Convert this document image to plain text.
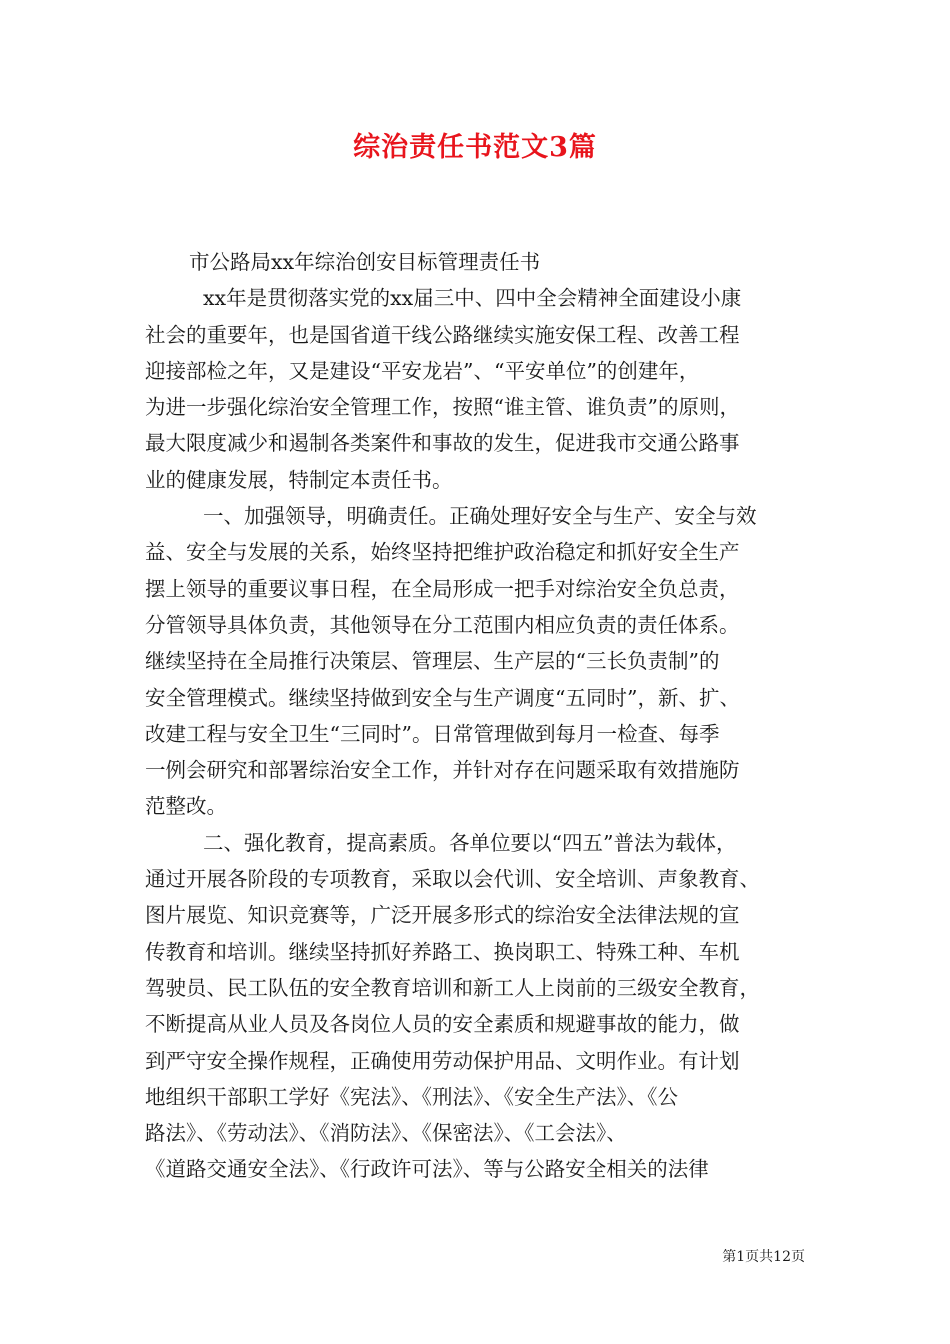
综治责任书范文3篇
市公路局xx年综治创安目标管理责任书
xx年是贯彻落实党的xx届三中、四中全会精神全面建设小康
社会的重要年，也是国省道干线公路继续实施安保工程、改善工程
迎接部检之年，又是建设“平安龙岩”、“平安单位”的创建年，
为进一步强化综治安全管理工作，按照“谁主管、谁负责”的原则，
最大限度减少和遏制各类案件和事故的发生，促进我市交通公路事
业的健康发展，特制定本责任书。
一、加强领导，明确责任。正确处理好安全与生产、安全与效
益、安全与发展的关系，始终坚持把维护政治稳定和抓好安全生产
摆上领导的重要议事日程，在全局形成一把手对综治安全负总责，
分管领导具体负责，其他领导在分工范围内相应负责的责任体系。
继续坚持在全局推行决策层、管理层、生产层的“三长负责制”的
安全管理模式。继续坚持做到安全与生产调度“五同时”，新、扩、
改建工程与安全卫生“三同时”。日常管理做到每月一检查、每季
一例会研究和部署综治安全工作，并针对存在问题采取有效措施防
范整改。
二、强化教育，提高素质。各单位要以“四五”普法为载体，
通过开展各阶段的专项教育，采取以会代训、安全培训、声象教育、
图片展览、知识竞赛等，广泛开展多形式的综治安全法律法规的宣
传教育和培训。继续坚持抓好养路工、换岗职工、特殊工种、车机
驾驶员、民工队伍的安全教育培训和新工人上岗前的三级安全教育，
不断提高从业人员及各岗位人员的安全素质和规避事故的能力，做
到严守安全操作规程，正确使用劳动保护用品、文明作业。有计划
地组织干部职工学好《宪法》、《刑法》、《安全生产法》、《公
路法》、《劳动法》、《消防法》、《保密法》、《工会法》、
《道路交通安全法》、《行政许可法》、等与公路安全相关的法律
第1页共12页
